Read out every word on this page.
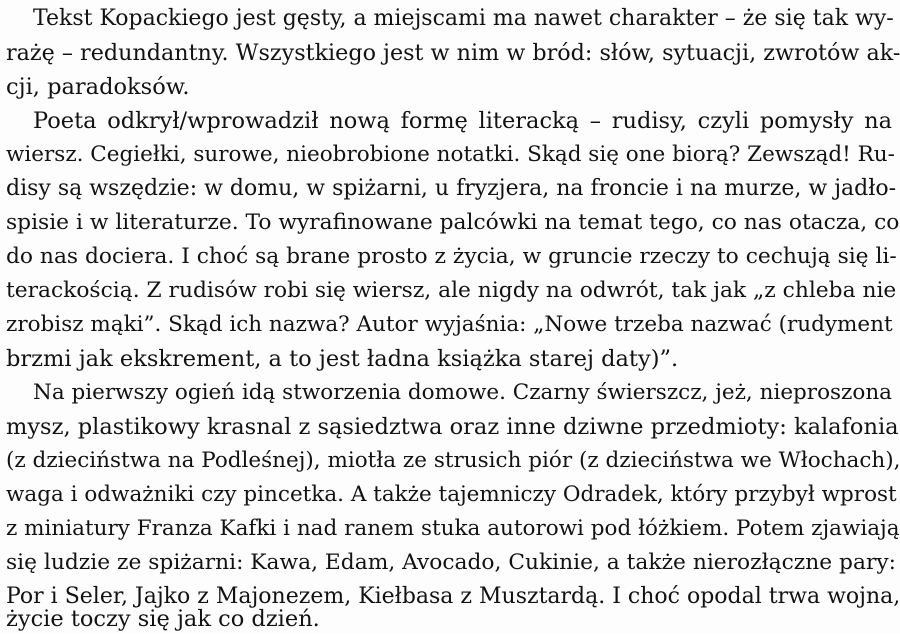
Tekst Kopackiego jest gęsty, a miejscami ma nawet charakter – że się tak wy-
rażę – redundantny. Wszystkiego jest w nim w bród: słów, sytuacji, zwrotów ak-
cji, paradoksów.
Poeta odkrył/wprowadził nową formę literacką – rudisy, czyli pomysły na
wiersz. Cegiełki, surowe, nieobrobione notatki. Skąd się one biorą? Zewsząd! Ru-
disy są wszędzie: w domu, w spiżarni, u fryzjera, na froncie i na murze, w jadło-
spisie i w literaturze. To wyrafinowane palcówki na temat tego, co nas otacza, co
do nas dociera. I choć są brane prosto z życia, w gruncie rzeczy to cechują się li-
terackością. Z rudisów robi się wiersz, ale nigdy na odwrót, tak jak „z chleba nie
zrobisz mąki”. Skąd ich nazwa? Autor wyjaśnia: „Nowe trzeba nazwać (rudyment
brzmi jak ekskrement, a to jest ładna książka starej daty)”.
Na pierwszy ogień idą stworzenia domowe. Czarny świerszcz, jeż, nieproszona
mysz, plastikowy krasnal z sąsiedztwa oraz inne dziwne przedmioty: kalafonia
(z dzieciństwa na Podleśnej), miotła ze strusich piór (z dzieciństwa we Włochach),
waga i odważniki czy pincetka. A także tajemniczy Odradek, który przybył wprost
z miniatury Franza Kafki i nad ranem stuka autorowi pod łóżkiem. Potem zjawiają
się ludzie ze spiżarni: Kawa, Edam, Avocado, Cukinie, a także nierozłączne pary:
Por i Seler, Jajko z Majonezem, Kiełbasa z Musztardą. I choć opodal trwa wojna,
życie toczy się jak co dzień.
